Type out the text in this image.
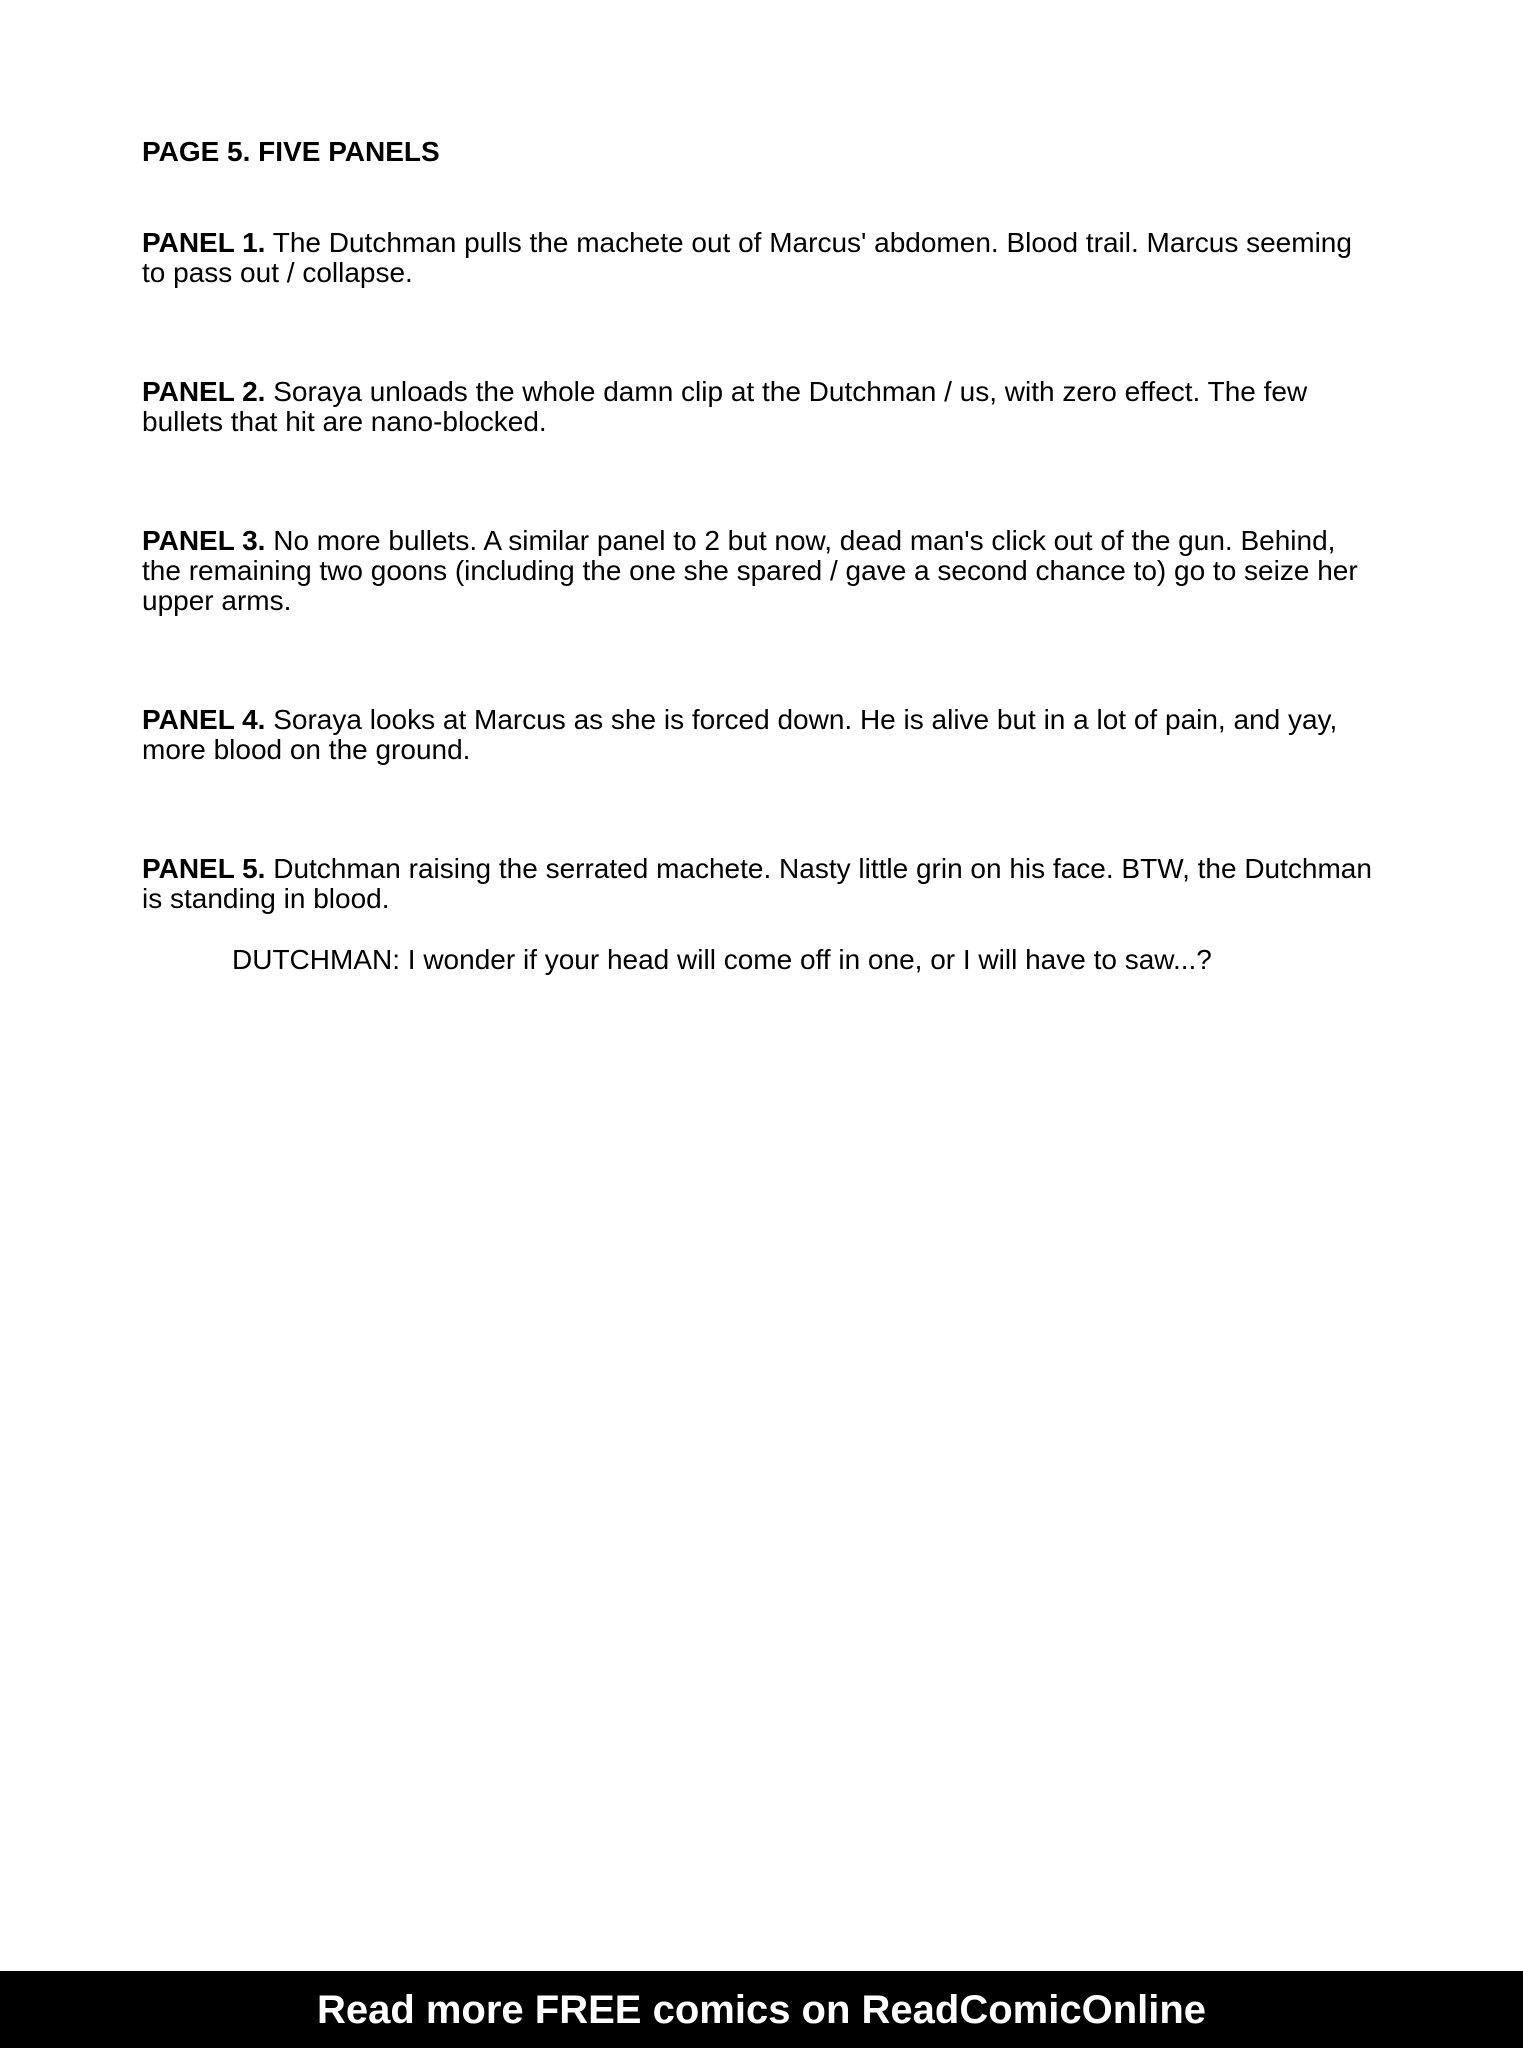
PAGE 5. FIVE PANELS

PANEL 1. The Dutchman pulls the machete out of Marcus' abdomen. Blood trail. Marcus seeming to pass out / collapse.

PANEL 2. Soraya unloads the whole damn clip at the Dutchman / us, with zero effect. The few bullets that hit are nano-blocked.

PANEL 3. No more bullets. A similar panel to 2 but now, dead man's click out of the gun. Behind, the remaining two goons (including the one she spared / gave a second chance to) go to seize her upper arms.

PANEL 4. Soraya looks at Marcus as she is forced down. He is alive but in a lot of pain, and yay, more blood on the ground.

PANEL 5. Dutchman raising the serrated machete. Nasty little grin on his face. BTW, the Dutchman is standing in blood.

DUTCHMAN: I wonder if your head will come off in one, or I will have to saw...?

Read more FREE comics on ReadComicOnline
